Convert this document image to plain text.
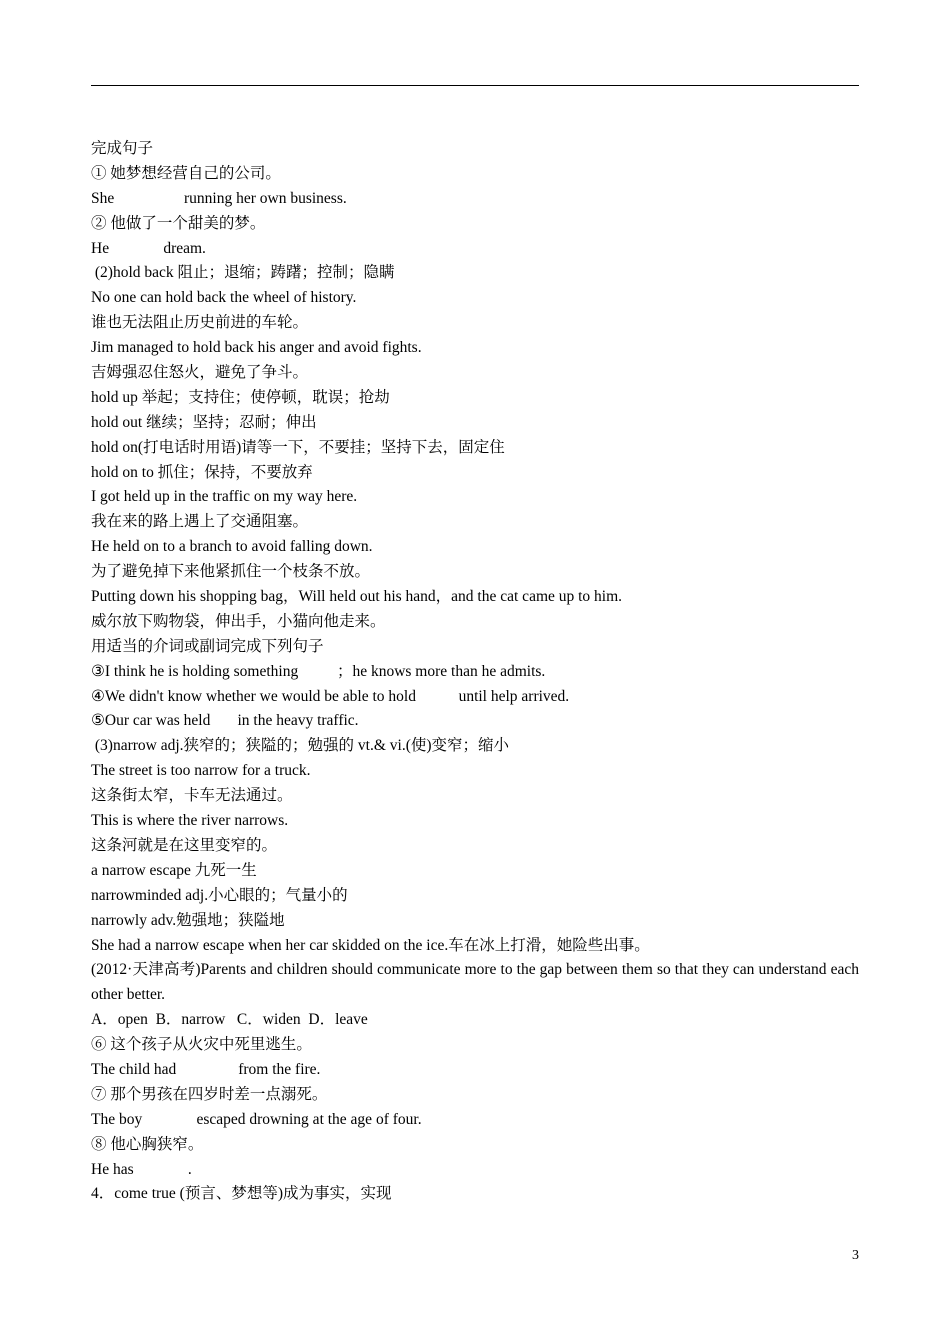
完成句子
① 她梦想经营自己的公司。
She                  running her own business.
② 他做了一个甜美的梦。
He              dream.
(2)hold back 阻止；退缩；踌躇；控制；隐瞒
No one can hold back the wheel of history.
谁也无法阻止历史前进的车轮。
Jim managed to hold back his anger and avoid fights.
吉姆强忍住怒火，避免了争斗。
hold up 举起；支持住；使停顿，耽误；抢劫
hold out 继续；坚持；忍耐；伸出
hold on(打电话时用语)请等一下，不要挂；坚持下去，固定住
hold on to 抓住；保持，不要放弃
I got held up in the traffic on my way here.
我在来的路上遇上了交通阻塞。
He held on to a branch to avoid falling down.
为了避免掉下来他紧抓住一个枝条不放。
Putting down his shopping bag，Will held out his hand，and the cat came up to him.
威尔放下购物袋，伸出手，小猫向他走来。
用适当的介词或副词完成下列句子
③I think he is holding something          ；he knows more than he admits.
④We didn't know whether we would be able to hold           until help arrived.
⑤Our car was held       in the heavy traffic.
(3)narrow adj.狭窄的；狭隘的；勉强的 vt.& vi.(使)变窄；缩小
The street is too narrow for a truck.
这条街太窄，卡车无法通过。
This is where the river narrows.
这条河就是在这里变窄的。
a narrow escape 九死一生
narrowminded adj.小心眼的；气量小的
narrowly adv.勉强地；狭隘地
She had a narrow escape when her car skidded on the ice.车在冰上打滑，她险些出事。
(2012·天津高考)Parents and children should communicate more to the gap between them so that they can understand each other better.
A．open  B．narrow   C．widen  D．leave
⑥ 这个孩子从火灾中死里逃生。
The child had                from the fire.
⑦ 那个男孩在四岁时差一点溺死。
The boy              escaped drowning at the age of four.
⑧ 他心胸狭窄。
He has              .
4．come true (预言、梦想等)成为事实，实现
3
